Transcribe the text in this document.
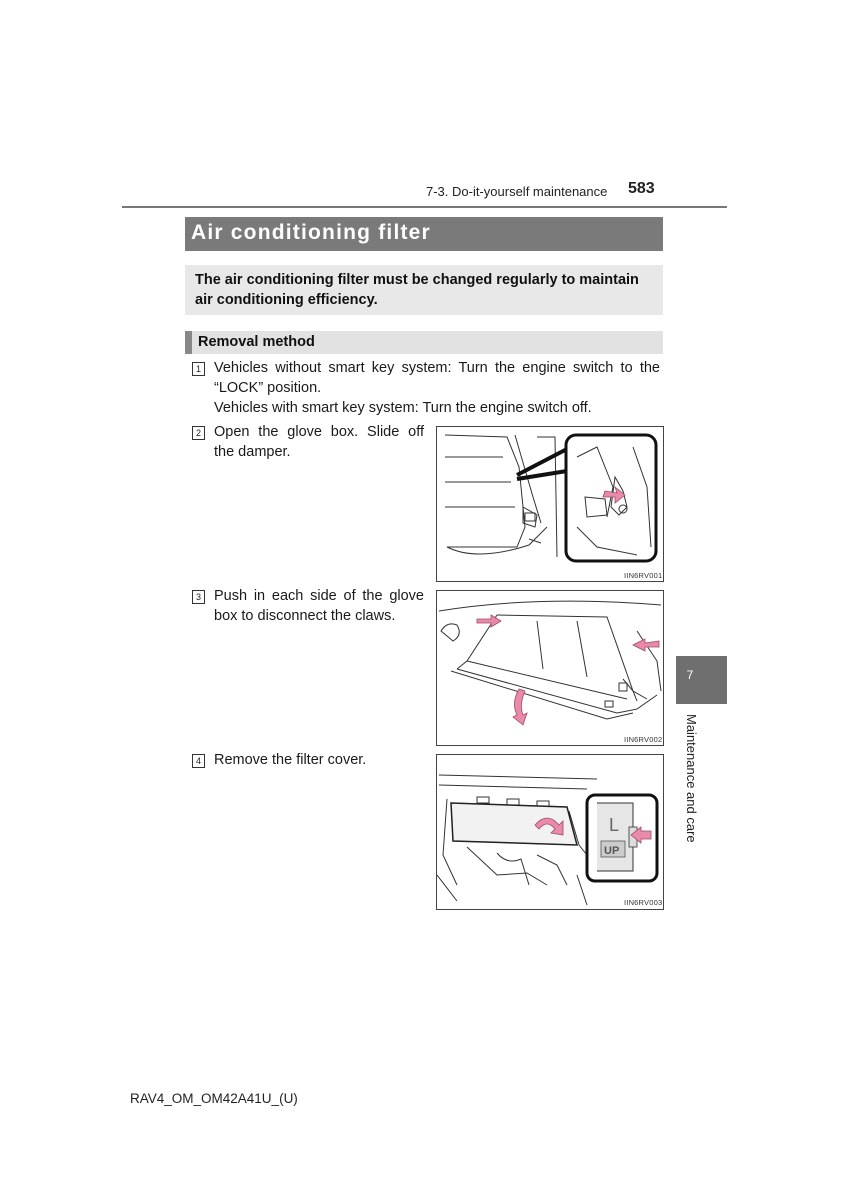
7-3. Do-it-yourself maintenance 583
Air conditioning filter
The air conditioning filter must be changed regularly to maintain air conditioning efficiency.
Removal method
1 Vehicles without smart key system: Turn the engine switch to the
“LOCK” position.
Vehicles with smart key system: Turn the engine switch off.
2 Open the glove box. Slide off
the damper.
IIN6RV001
3 Push in each side of the glove
box to disconnect the claws.
IIN6RV002
4 Remove the filter cover.
L
UP
IIN6RV003
7
Maintenance and care
RAV4_OM_OM42A41U_(U)
